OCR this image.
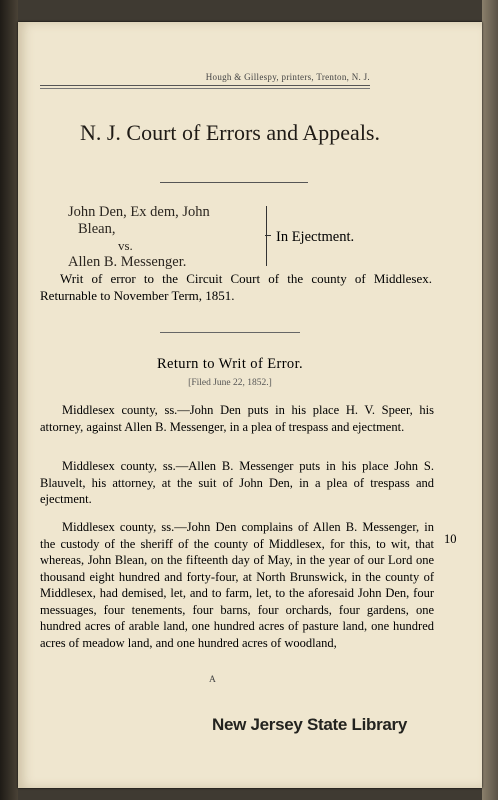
Hough & Gillespy, printers, Trenton, N. J.
N. J. Court of Errors and Appeals.
John Den, Ex dem, John
Blean,
vs.
Allen B. Messenger.
In Ejectment.
Writ of error to the Circuit Court of the county of Middlesex. Returnable to November Term, 1851.
Return to Writ of Error.
[Filed June 22, 1852.]
Middlesex county, ss.—John Den puts in his place H. V. Speer, his attorney, against Allen B. Messenger, in a plea of trespass and ejectment.
Middlesex county, ss.—Allen B. Messenger puts in his place John S. Blauvelt, his attorney, at the suit of John Den, in a plea of trespass and ejectment.
Middlesex county, ss.—John Den complains of Allen B. Messenger, in the custody of the sheriff of the county of Middlesex, for this, to wit, that whereas, John Blean, on the fifteenth day of May, in the year of our Lord one thousand eight hundred and forty-four, at North Brunswick, in the county of Middlesex, had demised, let, and to farm, let, to the aforesaid John Den, four messuages, four tenements, four barns, four orchards, four gardens, one hundred acres of arable land, one hundred acres of pasture land, one hundred acres of meadow land, and one hundred acres of woodland,
10
A
New Jersey State Library
